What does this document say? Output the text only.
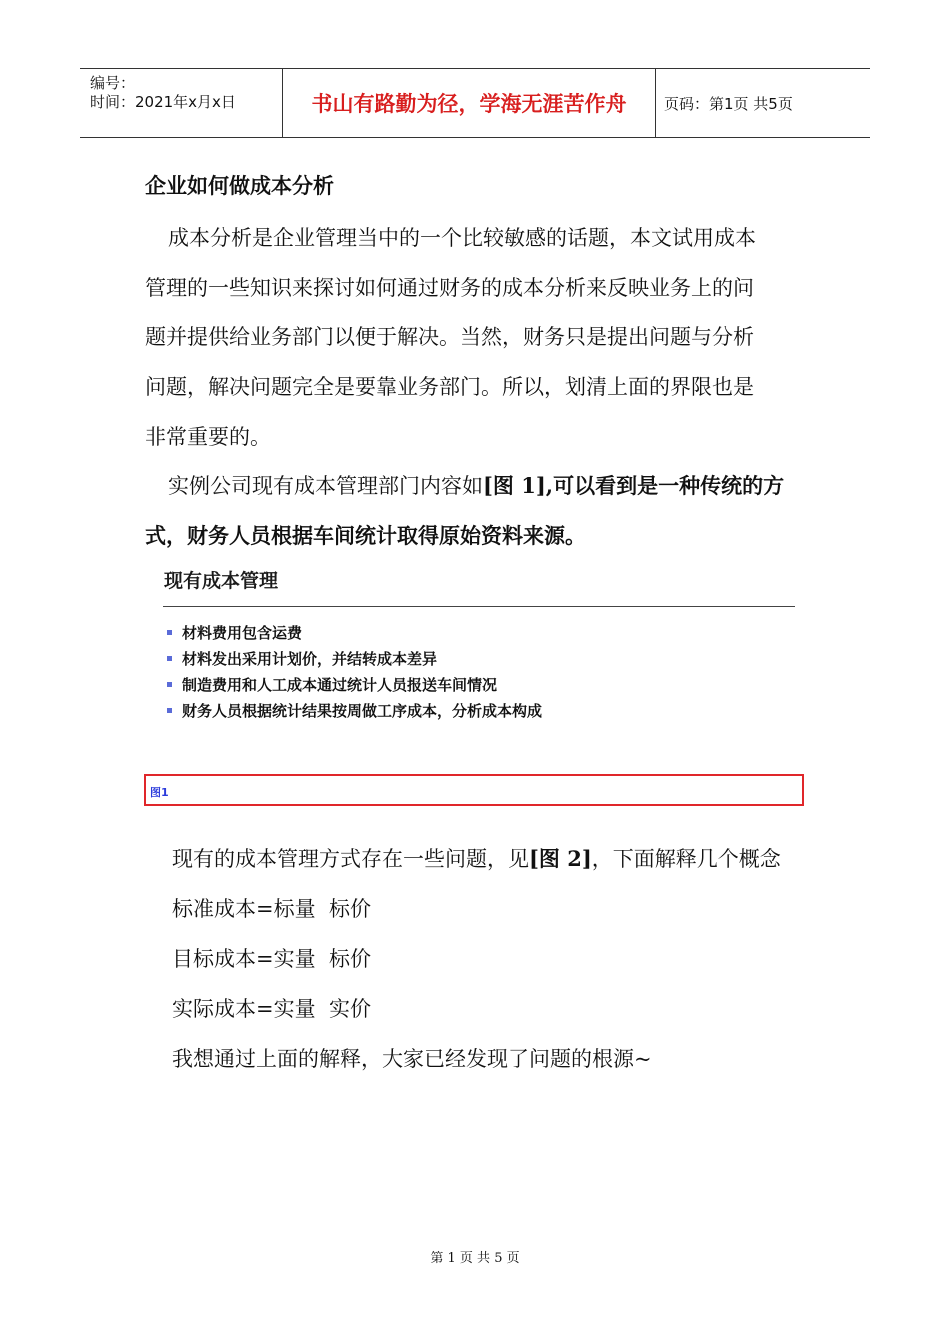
编号：
时间：2021年x月x日	书山有路勤为径，学海无涯苦作舟	页码：第1页 共5页
企业如何做成本分析
成本分析是企业管理当中的一个比较敏感的话题，本文试用成本
管理的一些知识来探讨如何通过财务的成本分析来反映业务上的问
题并提供给业务部门以便于解决。当然，财务只是提出问题与分析
问题，解决问题完全是要靠业务部门。所以，划清上面的界限也是
非常重要的。
实例公司现有成本管理部门内容如[图 1],可以看到是一种传统的方
式，财务人员根据车间统计取得原始资料来源。
现有成本管理
材料费用包含运费
材料发出采用计划价，并结转成本差异
制造费用和人工成本通过统计人员报送车间情况
财务人员根据统计结果按周做工序成本，分析成本构成
图1
现有的成本管理方式存在一些问题，见[图 2]，下面解释几个概念
标准成本=标量  标价
目标成本=实量  标价
实际成本=实量  实价
我想通过上面的解释，大家已经发现了问题的根源~
第 1 页 共 5 页
